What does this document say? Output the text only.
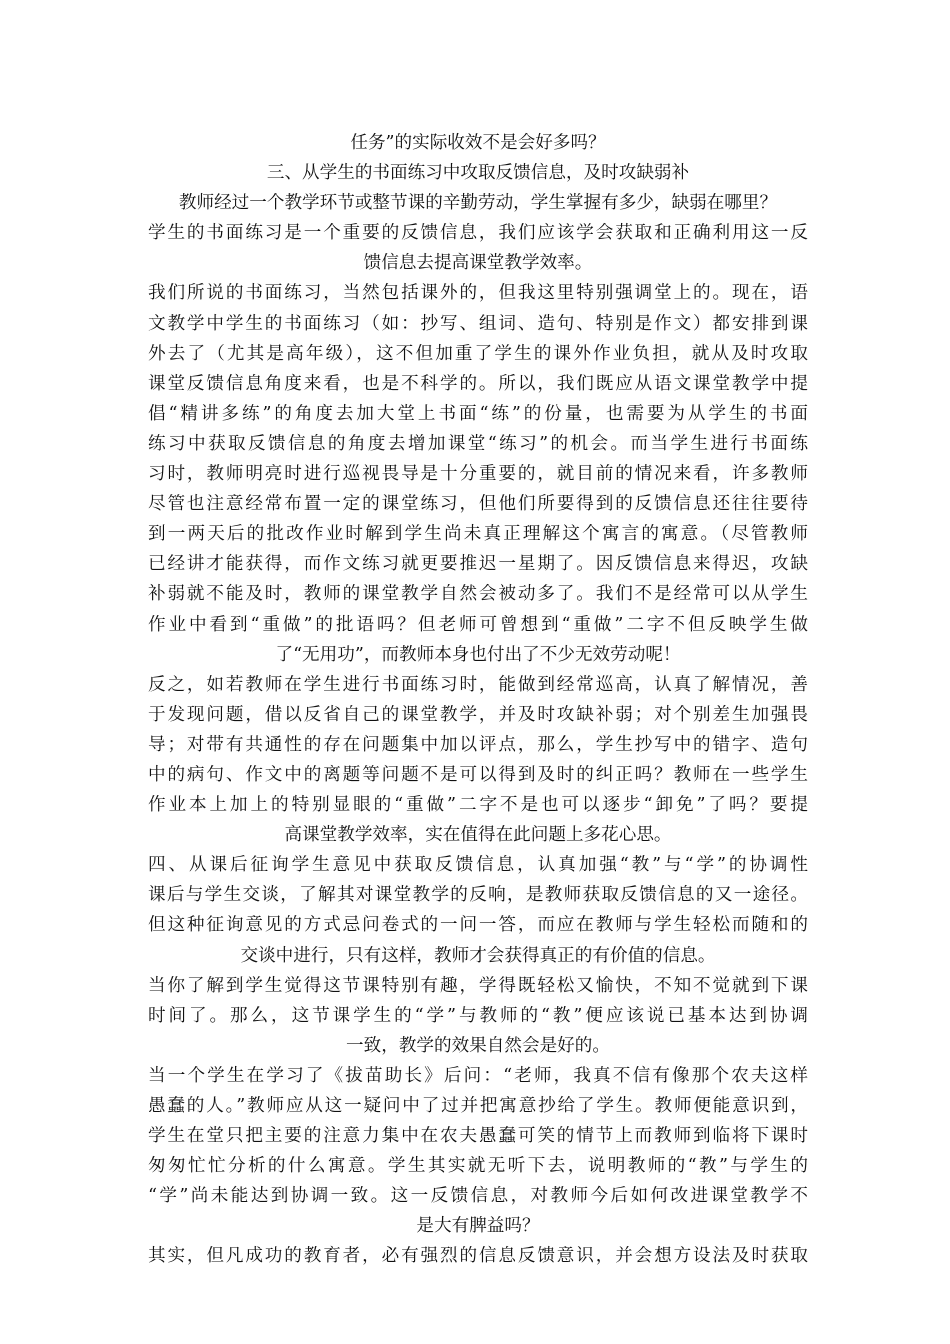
任务”的实际收效不是会好多吗？
三、从学生的书面练习中攻取反馈信息，及时攻缺弱补
教师经过一个教学环节或整节课的辛勤劳动，学生掌握有多少，缺弱在哪里？
学生的书面练习是一个重要的反馈信息，我们应该学会获取和正确利用这一反
馈信息去提高课堂教学效率。
我们所说的书面练习，当然包括课外的，但我这里特别强调堂上的。现在，语
文教学中学生的书面练习（如：抄写、组词、造句、特别是作文）都安排到课
外去了（尤其是高年级），这不但加重了学生的课外作业负担，就从及时攻取
课堂反馈信息角度来看，也是不科学的。所以，我们既应从语文课堂教学中提
倡“精讲多练”的角度去加大堂上书面“练”的份量，也需要为从学生的书面
练习中获取反馈信息的角度去增加课堂“练习”的机会。而当学生进行书面练
习时，教师明亮时进行巡视畏导是十分重要的，就目前的情况来看，许多教师
尽管也注意经常布置一定的课堂练习，但他们所要得到的反馈信息还往往要待
到一两天后的批改作业时解到学生尚未真正理解这个寓言的寓意。（尽管教师
已经讲才能获得，而作文练习就更要推迟一星期了。因反馈信息来得迟，攻缺
补弱就不能及时，教师的课堂教学自然会被动多了。我们不是经常可以从学生
作业中看到“重做”的批语吗？但老师可曾想到“重做”二字不但反映学生做
了“无用功”，而教师本身也付出了不少无效劳动呢！
反之，如若教师在学生进行书面练习时，能做到经常巡高，认真了解情况，善
于发现问题，借以反省自己的课堂教学，并及时攻缺补弱；对个别差生加强畏
导；对带有共通性的存在问题集中加以评点，那么，学生抄写中的错字、造句
中的病句、作文中的离题等问题不是可以得到及时的纠正吗？教师在一些学生
作业本上加上的特别显眼的“重做”二字不是也可以逐步“卸免”了吗？要提
高课堂教学效率，实在值得在此问题上多花心思。
四、从课后征询学生意见中获取反馈信息，认真加强“教”与“学”的协调性
课后与学生交谈，了解其对课堂教学的反响，是教师获取反馈信息的又一途径。
但这种征询意见的方式忌问卷式的一问一答，而应在教师与学生轻松而随和的
交谈中进行，只有这样，教师才会获得真正的有价值的信息。
当你了解到学生觉得这节课特别有趣，学得既轻松又愉快，不知不觉就到下课
时间了。那么，这节课学生的“学”与教师的“教”便应该说已基本达到协调
一致，教学的效果自然会是好的。
当一个学生在学习了《拔苗助长》后问：“老师，我真不信有像那个农夫这样
愚蠢的人。”教师应从这一疑问中了过并把寓意抄给了学生。教师便能意识到，
学生在堂只把主要的注意力集中在农夫愚蠢可笑的情节上而教师到临将下课时
匆匆忙忙分析的什么寓意。学生其实就无听下去，说明教师的“教”与学生的
“学”尚未能达到协调一致。这一反馈信息，对教师今后如何改进课堂教学不
是大有脾益吗？
其实，但凡成功的教育者，必有强烈的信息反馈意识，并会想方设法及时获取
